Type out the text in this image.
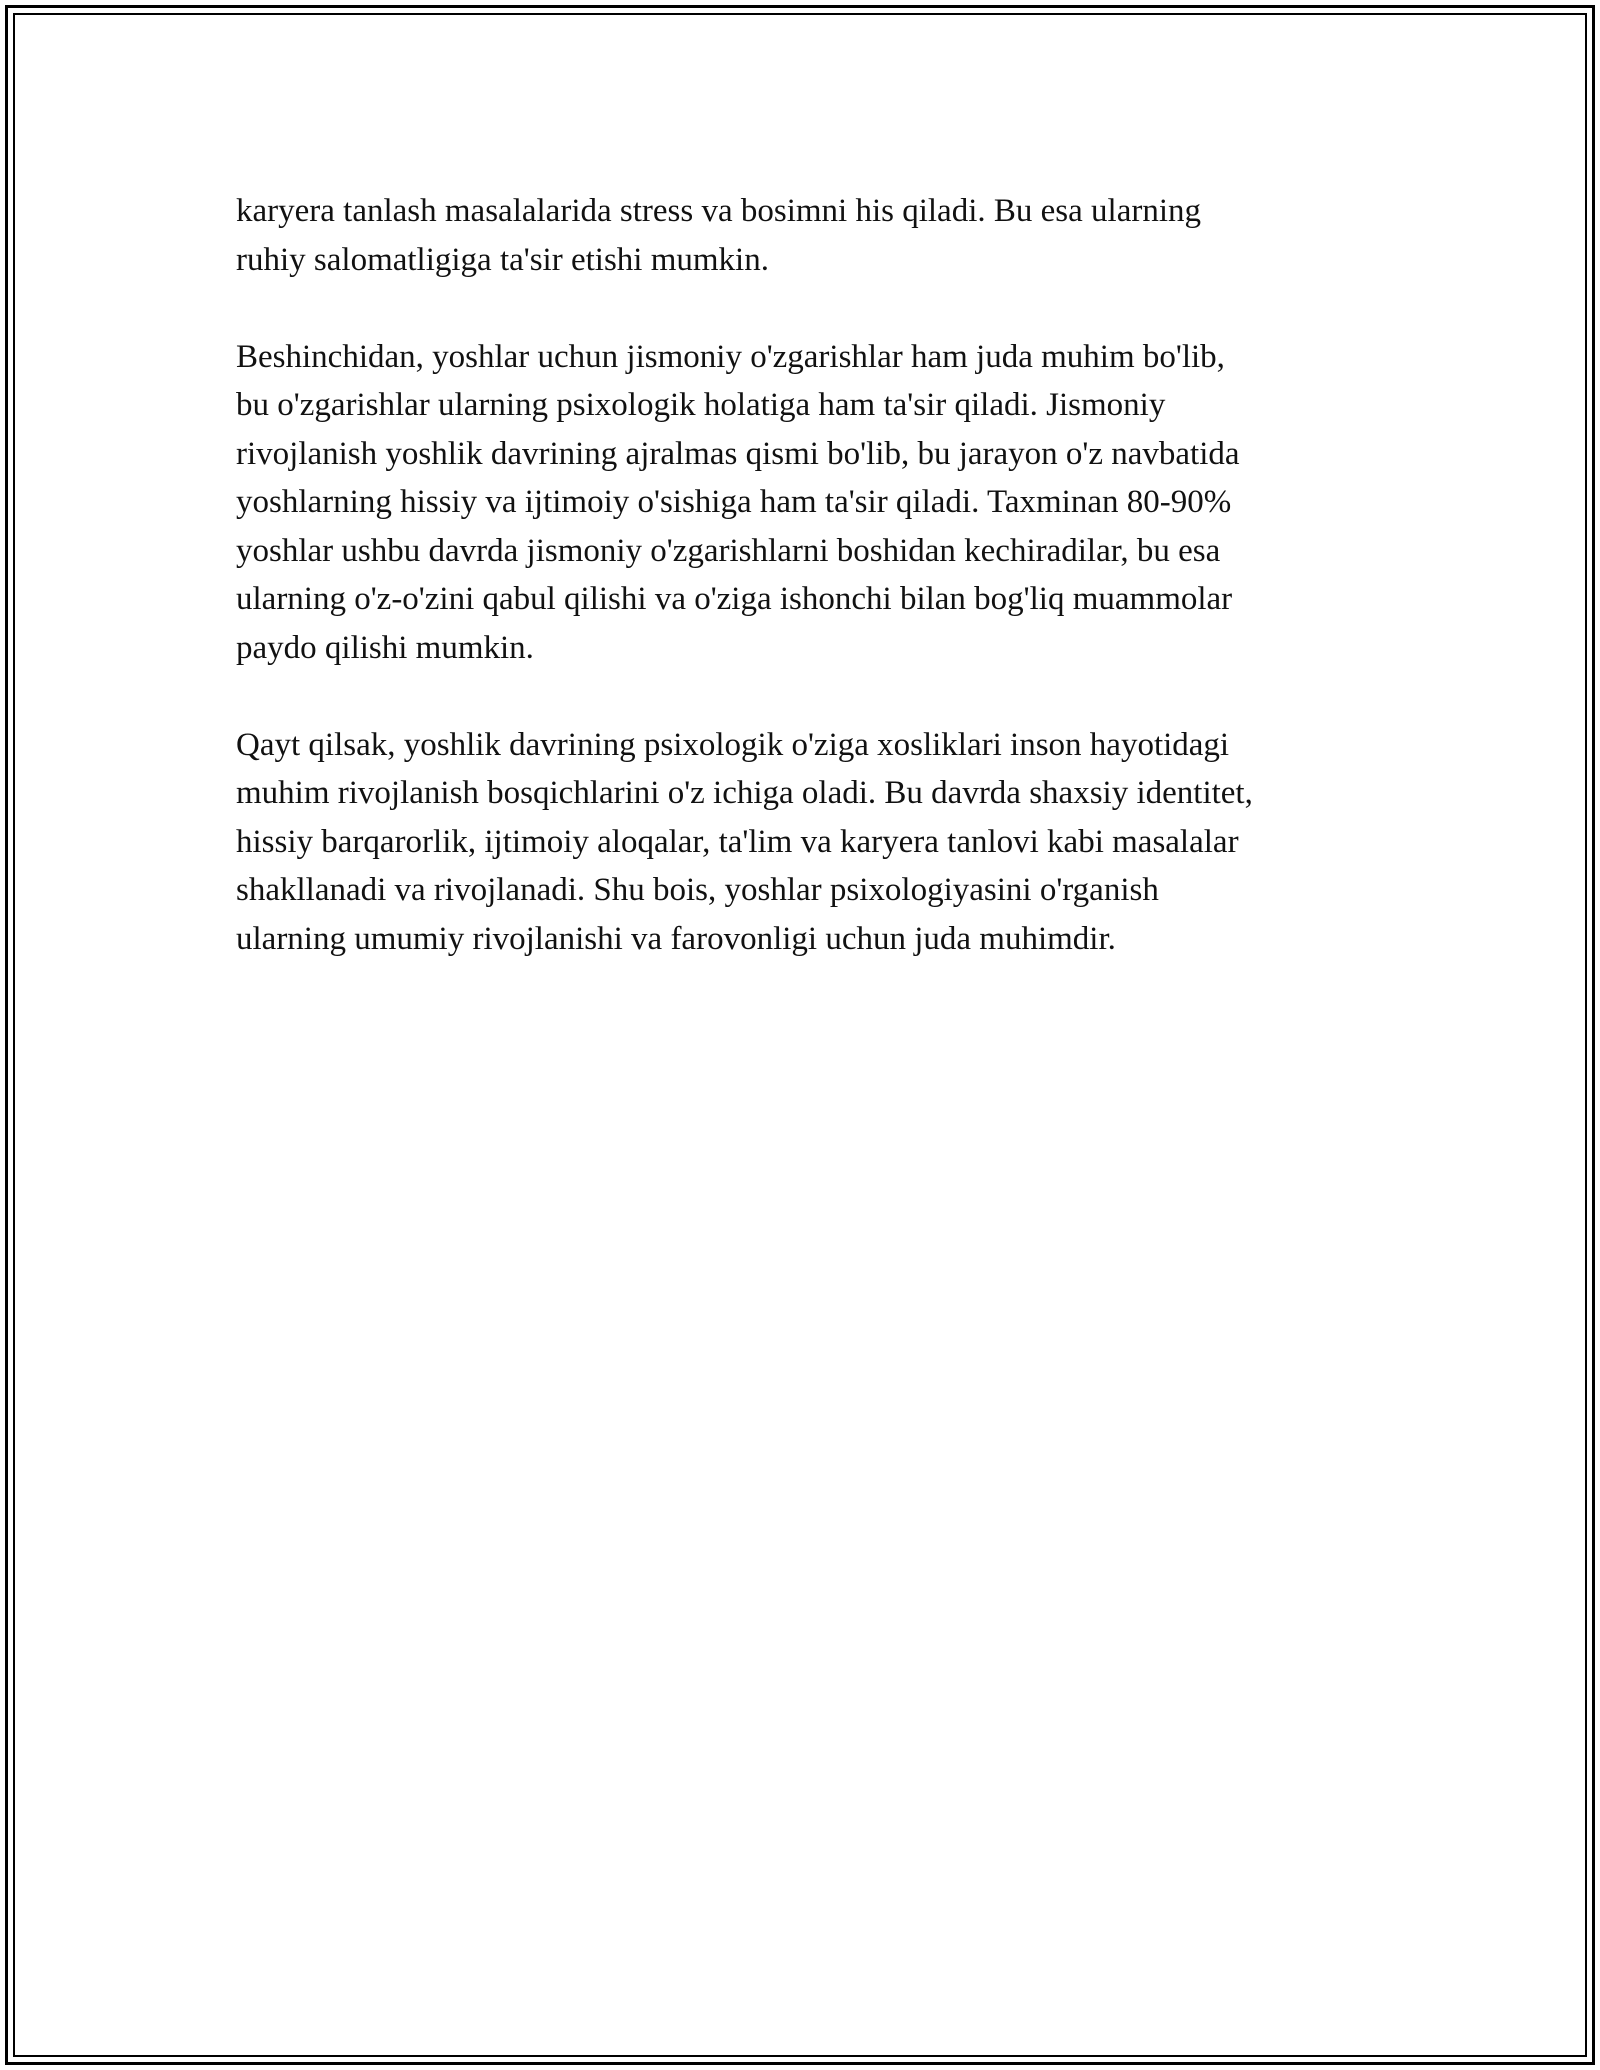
karyera tanlash masalalarida stress va bosimni his qiladi. Bu esa ularning
ruhiy salomatligiga ta'sir etishi mumkin.

Beshinchidan, yoshlar uchun jismoniy o'zgarishlar ham juda muhim bo'lib,
bu o'zgarishlar ularning psixologik holatiga ham ta'sir qiladi. Jismoniy
rivojlanish yoshlik davrining ajralmas qismi bo'lib, bu jarayon o'z navbatida
yoshlarning hissiy va ijtimoiy o'sishiga ham ta'sir qiladi. Taxminan 80-90%
yoshlar ushbu davrda jismoniy o'zgarishlarni boshidan kechiradilar, bu esa
ularning o'z-o'zini qabul qilishi va o'ziga ishonchi bilan bog'liq muammolar
paydo qilishi mumkin.

Qayt qilsak, yoshlik davrining psixologik o'ziga xosliklari inson hayotidagi
muhim rivojlanish bosqichlarini o'z ichiga oladi. Bu davrda shaxsiy identitet,
hissiy barqarorlik, ijtimoiy aloqalar, ta'lim va karyera tanlovi kabi masalalar
shakllanadi va rivojlanadi. Shu bois, yoshlar psixologiyasini o'rganish
ularning umumiy rivojlanishi va farovonligi uchun juda muhimdir.
